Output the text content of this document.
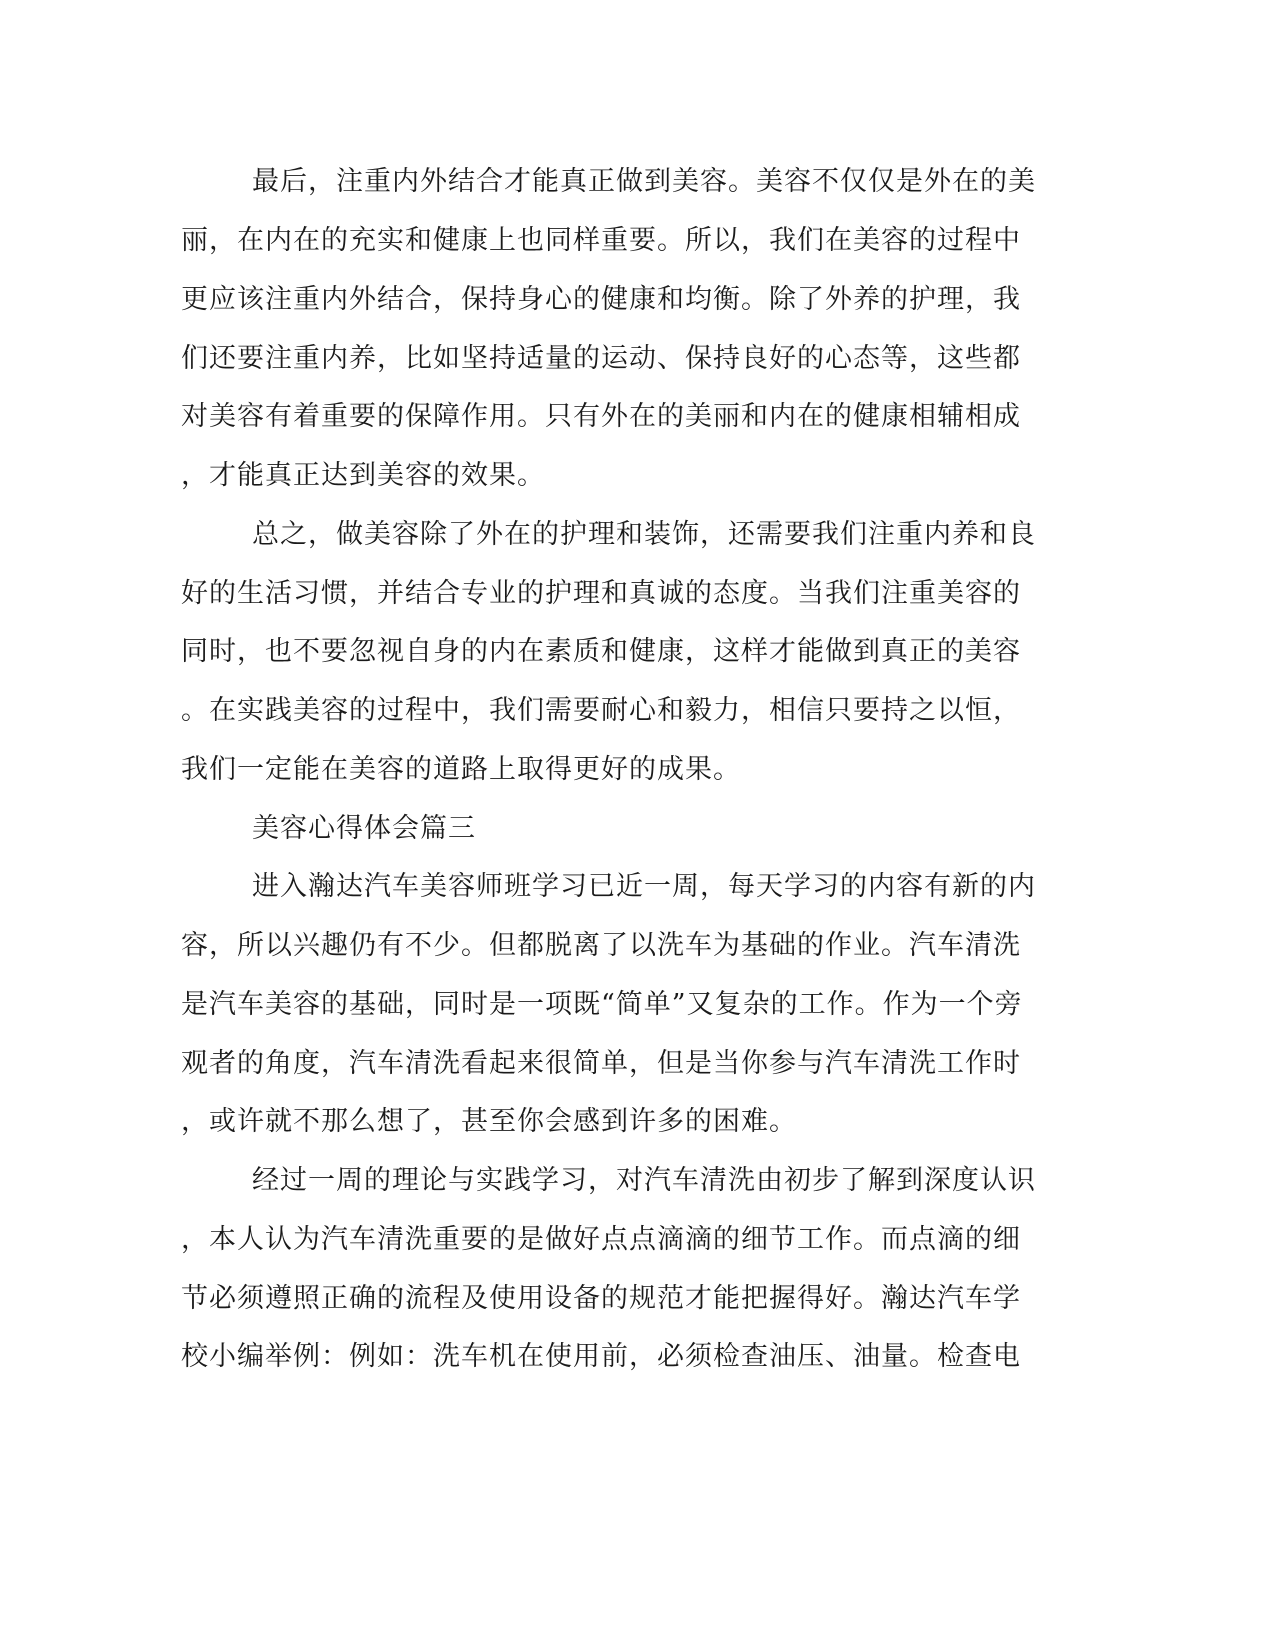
最后，注重内外结合才能真正做到美容。美容不仅仅是外在的美

丽，在内在的充实和健康上也同样重要。所以，我们在美容的过程中

更应该注重内外结合，保持身心的健康和均衡。除了外养的护理，我

们还要注重内养，比如坚持适量的运动、保持良好的心态等，这些都

对美容有着重要的保障作用。只有外在的美丽和内在的健康相辅相成

，才能真正达到美容的效果。

总之，做美容除了外在的护理和装饰，还需要我们注重内养和良

好的生活习惯，并结合专业的护理和真诚的态度。当我们注重美容的

同时，也不要忽视自身的内在素质和健康，这样才能做到真正的美容

。在实践美容的过程中，我们需要耐心和毅力，相信只要持之以恒，

我们一定能在美容的道路上取得更好的成果。

美容心得体会篇三

进入瀚达汽车美容师班学习已近一周，每天学习的内容有新的内

容，所以兴趣仍有不少。但都脱离了以洗车为基础的作业。汽车清洗

是汽车美容的基础，同时是一项既“简单”又复杂的工作。作为一个旁

观者的角度，汽车清洗看起来很简单，但是当你参与汽车清洗工作时

，或许就不那么想了，甚至你会感到许多的困难。

经过一周的理论与实践学习，对汽车清洗由初步了解到深度认识

，本人认为汽车清洗重要的是做好点点滴滴的细节工作。而点滴的细

节必须遵照正确的流程及使用设备的规范才能把握得好。瀚达汽车学

校小编举例：例如：洗车机在使用前，必须检查油压、油量。检查电
